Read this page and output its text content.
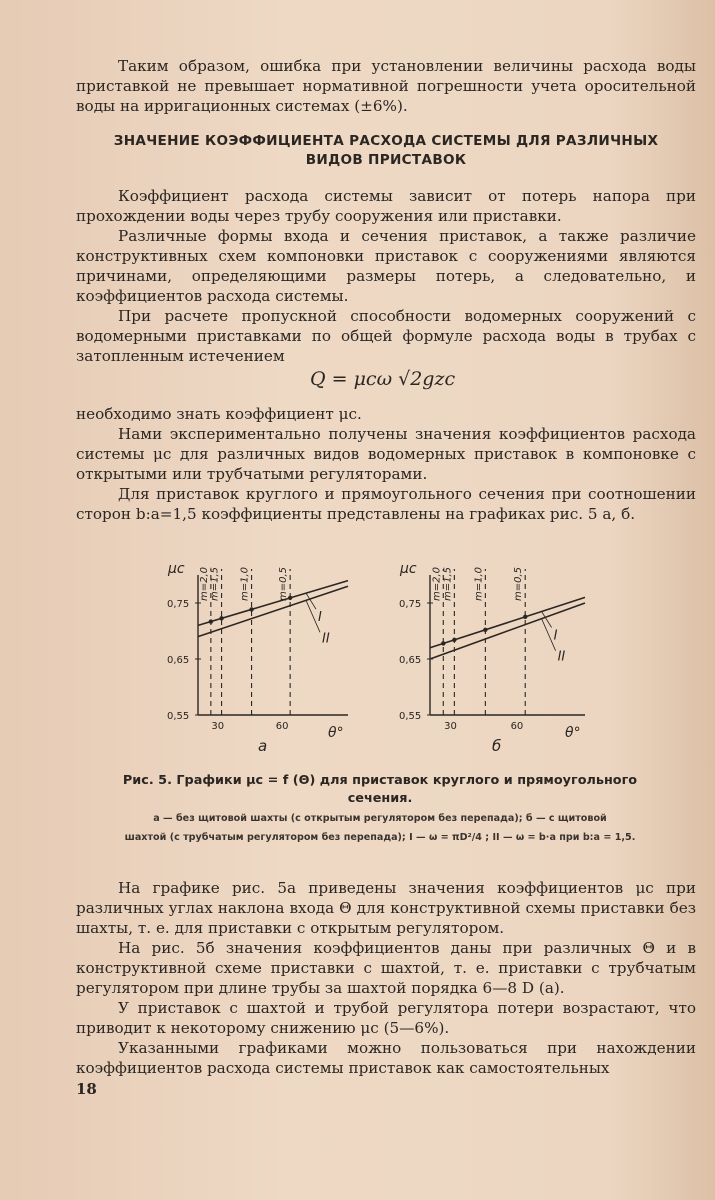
Таким образом, ошибка при установлении величины расхода воды приставкой не превышает нормативной погрешности учета оросительной воды на ирригационных системах (±6%).

ЗНАЧЕНИЕ КОЭФФИЦИЕНТА РАСХОДА СИСТЕМЫ ДЛЯ РАЗЛИЧНЫХ
ВИДОВ ПРИСТАВОК

Коэффициент расхода системы зависит от потерь напора при прохождении воды через трубу сооружения или приставки.

Различные формы входа и сечения приставок, а также различие конструктивных схем компоновки приставок с сооружениями являются причинами, определяющими размеры потерь, а следовательно, и коэффициентов расхода системы.

При расчете пропускной способности водомерных сооружений с водомерными приставками по общей формуле расхода воды в трубах с затопленным истечением

Q = μcω √2gzc

необходимо знать коэффициент μc.

Нами экспериментально получены значения коэффициентов расхода системы μc для различных видов водомерных приставок в компоновке с открытыми или трубчатыми регуляторами.

Для приставок круглого и прямоугольного сечения при соотношении сторон b:a=1,5 коэффициенты представлены на графиках рис. 5 а, б.

μc
θ°
а
0,55
0,65
0,75
30	60
I
II
m=2,0 m=1,5 m=1,0	m=0,5	μc
θ°
б
0,55
0,65
0,75
30	60
I
II
m=2,0 m=1,5 m=1,0	m=0,5
Рис. 5. Графики μc = f (Θ) для приставок круглого и прямоугольного сечения.
а — без щитовой шахты (с открытым регулятором без перепада); б — с щитовой
шахтой (с трубчатым регулятором без перепада); I — ω = πD²/4 ; II — ω = b·a при b:a = 1,5.

На графике рис. 5а приведены значения коэффициентов μc при различных углах наклона входа Θ для конструктивной схемы приставки без шахты, т. е. для приставки с открытым регулятором.

На рис. 5б значения коэффициентов даны при различных Θ и в конструктивной схеме приставки с шахтой, т. е. приставки с трубчатым регулятором при длине трубы за шахтой порядка 6—8 D (а).

У приставок с шахтой и трубой регулятора потери возрастают, что приводит к некоторому снижению μc (5—6%).

Указанными графиками можно пользоваться при нахождении коэффициентов расхода системы приставок как самостоятельных

18
